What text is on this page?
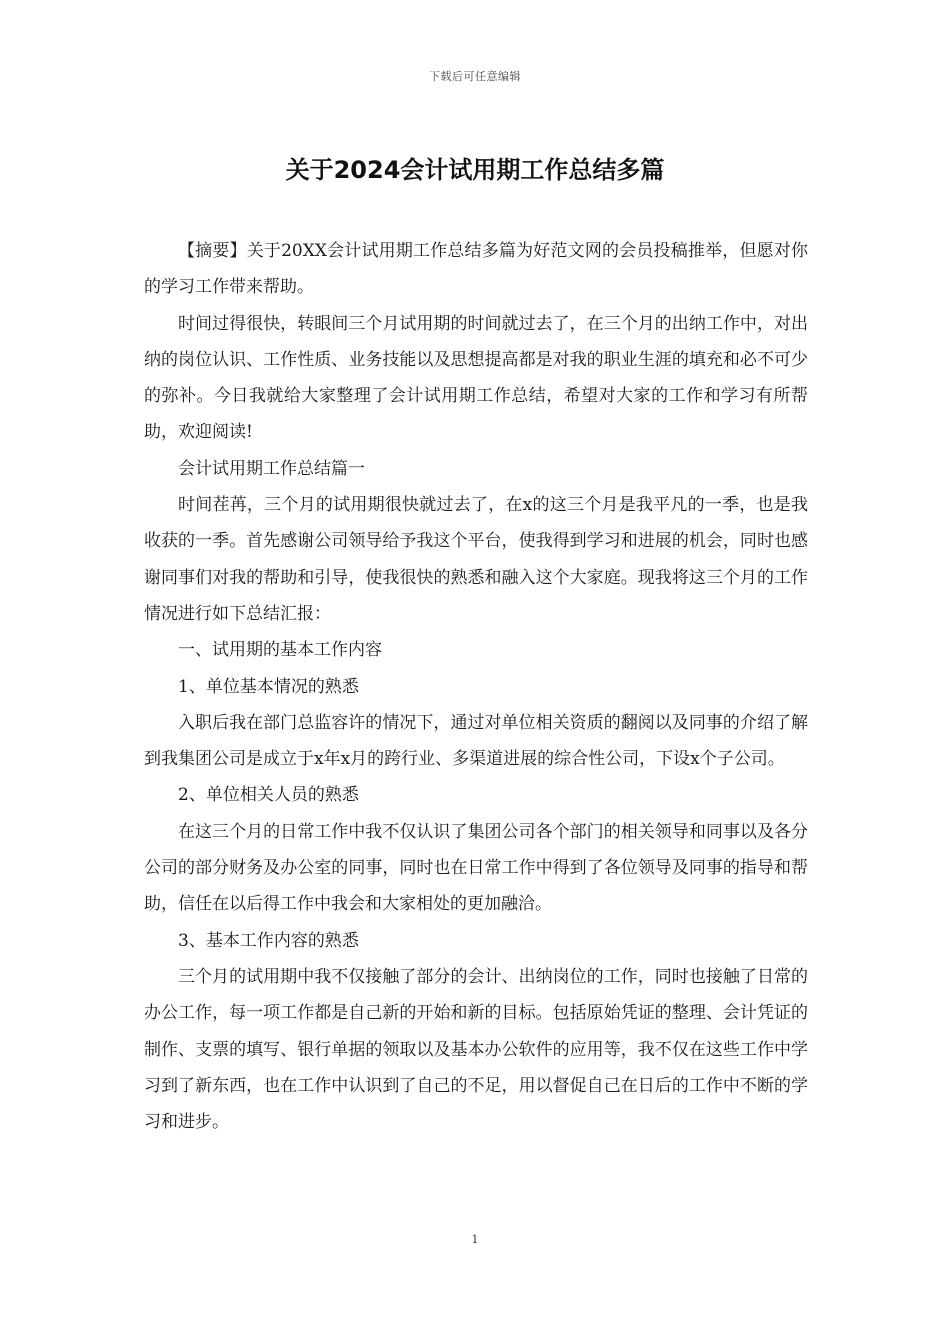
下载后可任意编辑
关于2024会计试用期工作总结多篇

【摘要】关于20XX会计试用期工作总结多篇为好范文网的会员投稿推举，但愿对你的学习工作带来帮助。

时间过得很快，转眼间三个月试用期的时间就过去了，在三个月的出纳工作中，对出纳的岗位认识、工作性质、业务技能以及思想提高都是对我的职业生涯的填充和必不可少的弥补。今日我就给大家整理了会计试用期工作总结，希望对大家的工作和学习有所帮助，欢迎阅读!

会计试用期工作总结篇一

时间茬苒，三个月的试用期很快就过去了，在x的这三个月是我平凡的一季，也是我收获的一季。首先感谢公司领导给予我这个平台，使我得到学习和进展的机会，同时也感谢同事们对我的帮助和引导，使我很快的熟悉和融入这个大家庭。现我将这三个月的工作情况进行如下总结汇报：

一、试用期的基本工作内容

1、单位基本情况的熟悉

入职后我在部门总监容许的情况下，通过对单位相关资质的翻阅以及同事的介绍了解到我集团公司是成立于x年x月的跨行业、多渠道进展的综合性公司，下设x个子公司。

2、单位相关人员的熟悉

在这三个月的日常工作中我不仅认识了集团公司各个部门的相关领导和同事以及各分公司的部分财务及办公室的同事，同时也在日常工作中得到了各位领导及同事的指导和帮助，信任在以后得工作中我会和大家相处的更加融洽。

3、基本工作内容的熟悉

三个月的试用期中我不仅接触了部分的会计、出纳岗位的工作，同时也接触了日常的办公工作，每一项工作都是自己新的开始和新的目标。包括原始凭证的整理、会计凭证的制作、支票的填写、银行单据的领取以及基本办公软件的应用等，我不仅在这些工作中学习到了新东西，也在工作中认识到了自己的不足，用以督促自己在日后的工作中不断的学习和进步。

1
